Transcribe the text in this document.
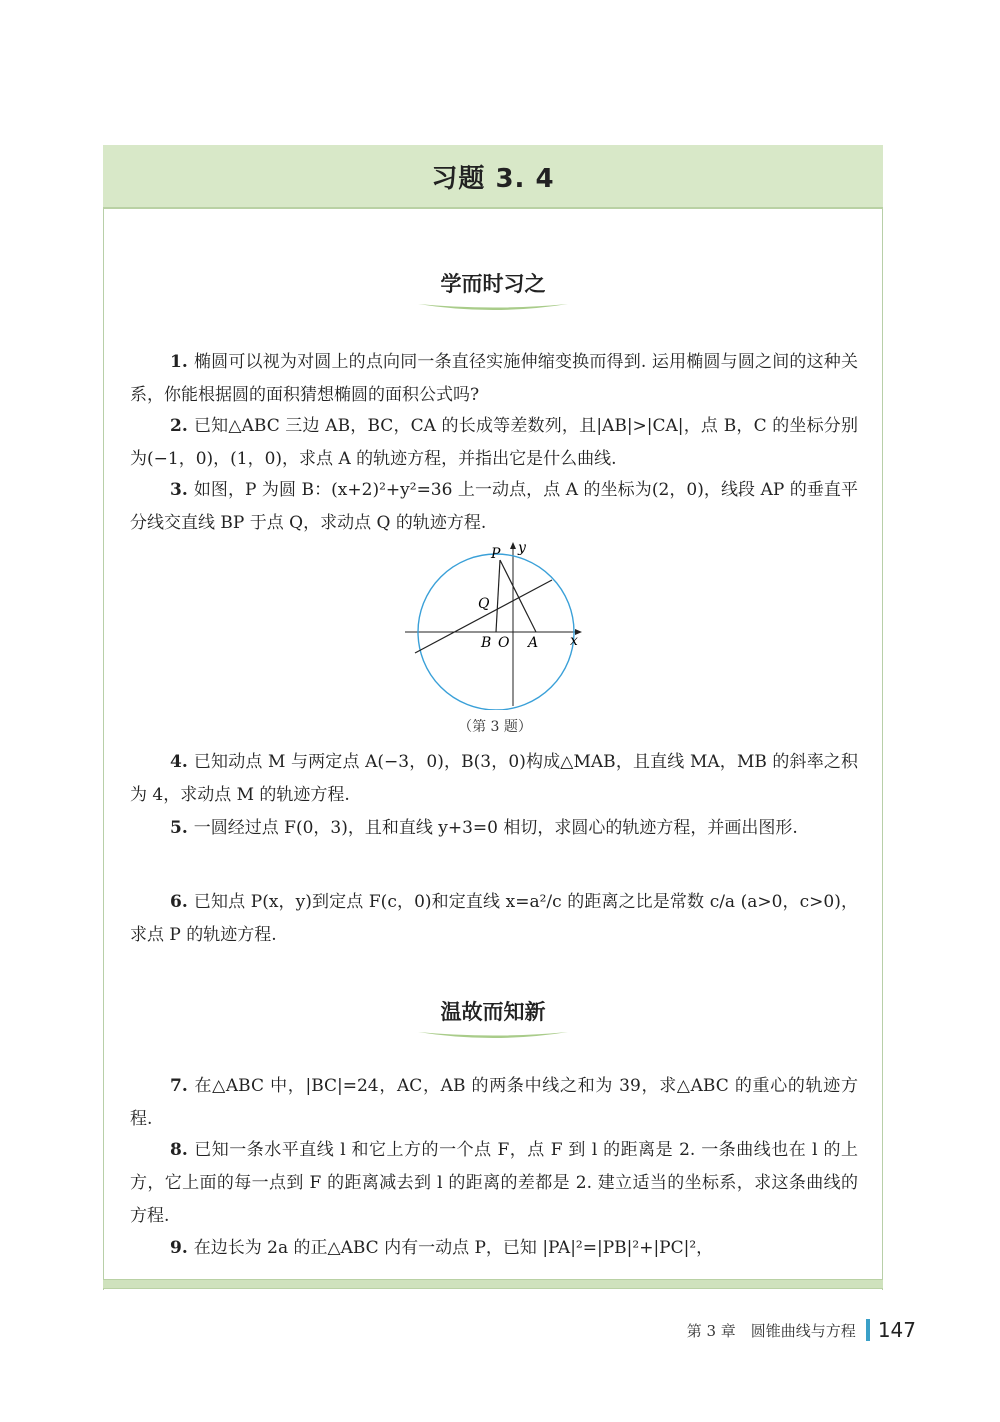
习题 3. 4
学而时习之
1. 椭圆可以视为对圆上的点向同一条直径实施伸缩变换而得到. 运用椭圆与圆之间的这种关系，你能根据圆的面积猜想椭圆的面积公式吗?
2. 已知△ABC 三边 AB，BC，CA 的长成等差数列，且|AB|>|CA|，点 B，C 的坐标分别为(−1，0)，(1，0)，求点 A 的轨迹方程，并指出它是什么曲线.
3. 如图，P 为圆 B：(x+2)²+y²=36 上一动点，点 A 的坐标为(2，0)，线段 AP 的垂直平分线交直线 BP 于点 Q，求动点 Q 的轨迹方程.
P y
Q
B O A x
（第 3 题）
4. 已知动点 M 与两定点 A(−3，0)，B(3，0)构成△MAB，且直线 MA，MB 的斜率之积为 4，求动点 M 的轨迹方程.
5. 一圆经过点 F(0，3)，且和直线 y+3=0 相切，求圆心的轨迹方程，并画出图形.
6. 已知点 P(x，y)到定点 F(c，0)和定直线 x=a²/c 的距离之比是常数 c/a (a>0，c>0)，求点 P 的轨迹方程.
温故而知新
7. 在△ABC 中，|BC|=24，AC，AB 的两条中线之和为 39，求△ABC 的重心的轨迹方程.
8. 已知一条水平直线 l 和它上方的一个点 F，点 F 到 l 的距离是 2. 一条曲线也在 l 的上方，它上面的每一点到 F 的距离减去到 l 的距离的差都是 2. 建立适当的坐标系，求这条曲线的方程.
9. 在边长为 2a 的正△ABC 内有一动点 P，已知 |PA|²=|PB|²+|PC|²，
第 3 章　圆锥曲线与方程 147
